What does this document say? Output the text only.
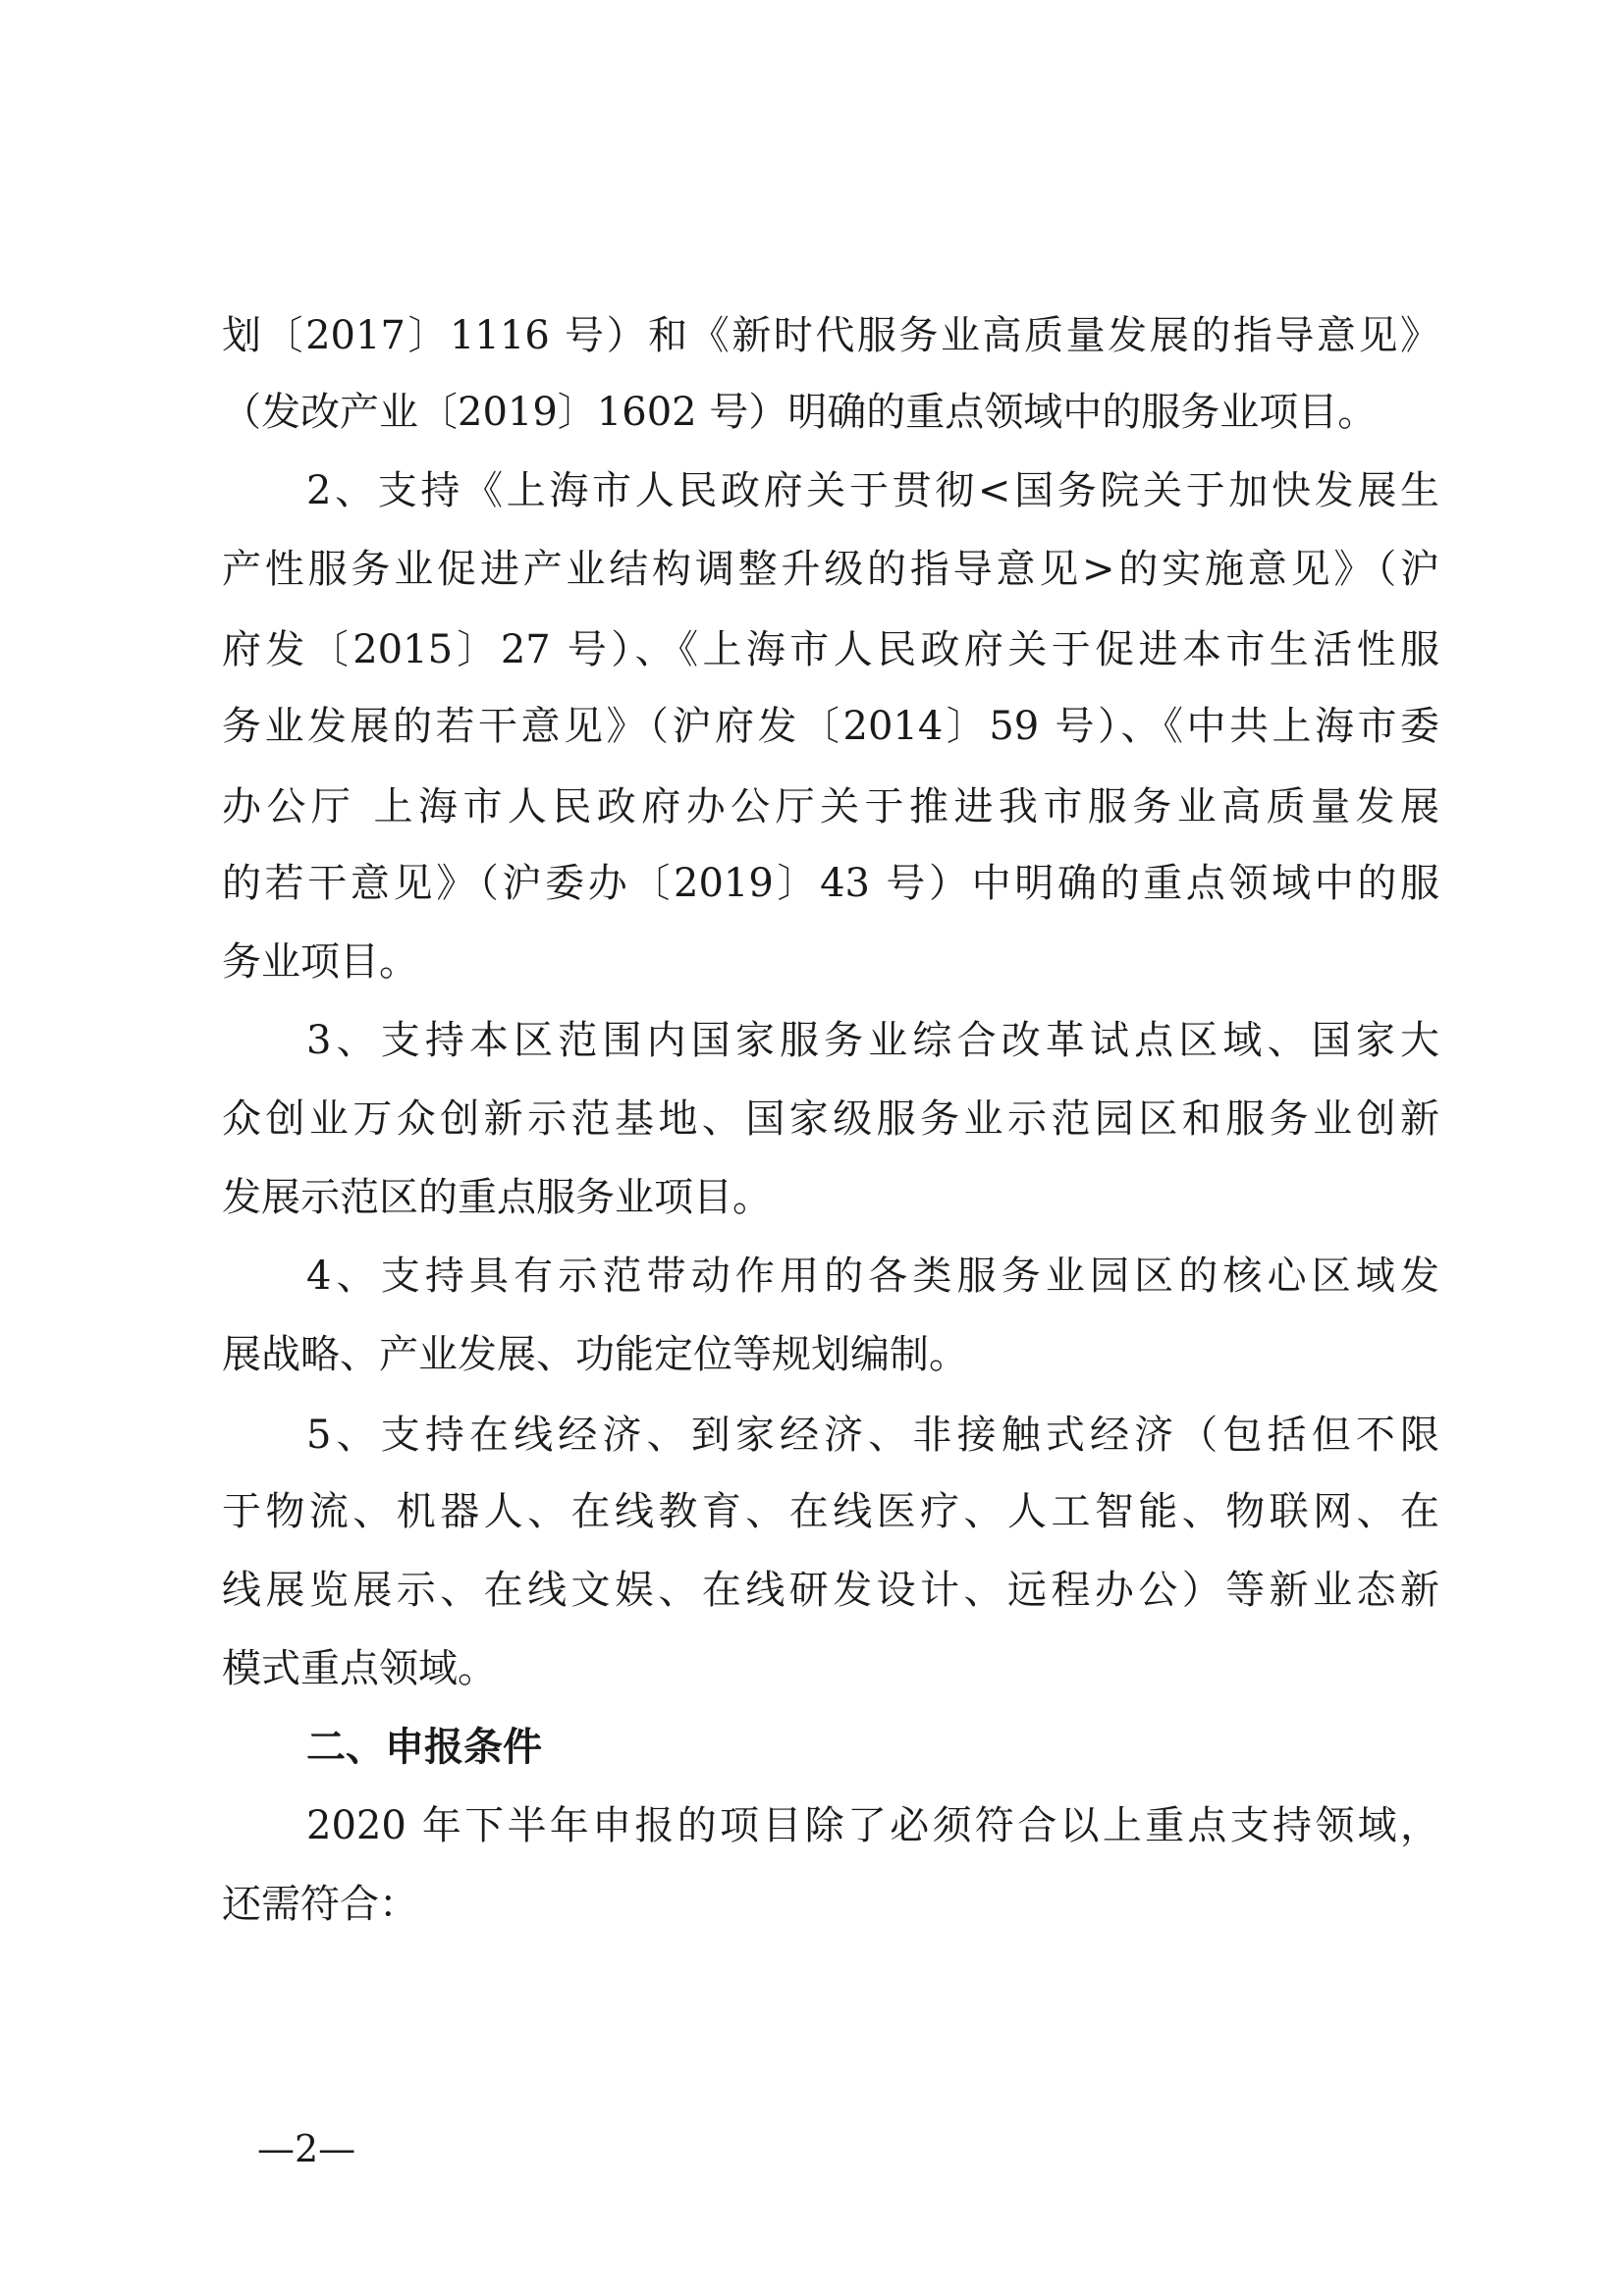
划〔2017〕1116 号）和《新时代服务业高质量发展的指导意见》
（发改产业〔2019〕1602 号）明确的重点领域中的服务业项目。
2、支持《上海市人民政府关于贯彻<国务院关于加快发展生
产性服务业促进产业结构调整升级的指导意见>的实施意见》（沪
府发〔2015〕27 号）、《上海市人民政府关于促进本市生活性服
务业发展的若干意见》（沪府发〔2014〕59 号）、《中共上海市委
办公厅 上海市人民政府办公厅关于推进我市服务业高质量发展
的若干意见》（沪委办〔2019〕43 号）中明确的重点领域中的服
务业项目。
3、支持本区范围内国家服务业综合改革试点区域、国家大
众创业万众创新示范基地、国家级服务业示范园区和服务业创新
发展示范区的重点服务业项目。
4、支持具有示范带动作用的各类服务业园区的核心区域发
展战略、产业发展、功能定位等规划编制。
5、支持在线经济、到家经济、非接触式经济（包括但不限
于物流、机器人、在线教育、在线医疗、人工智能、物联网、在
线展览展示、在线文娱、在线研发设计、远程办公）等新业态新
模式重点领域。
二、申报条件
2020 年下半年申报的项目除了必须符合以上重点支持领域，
还需符合：
—2—
